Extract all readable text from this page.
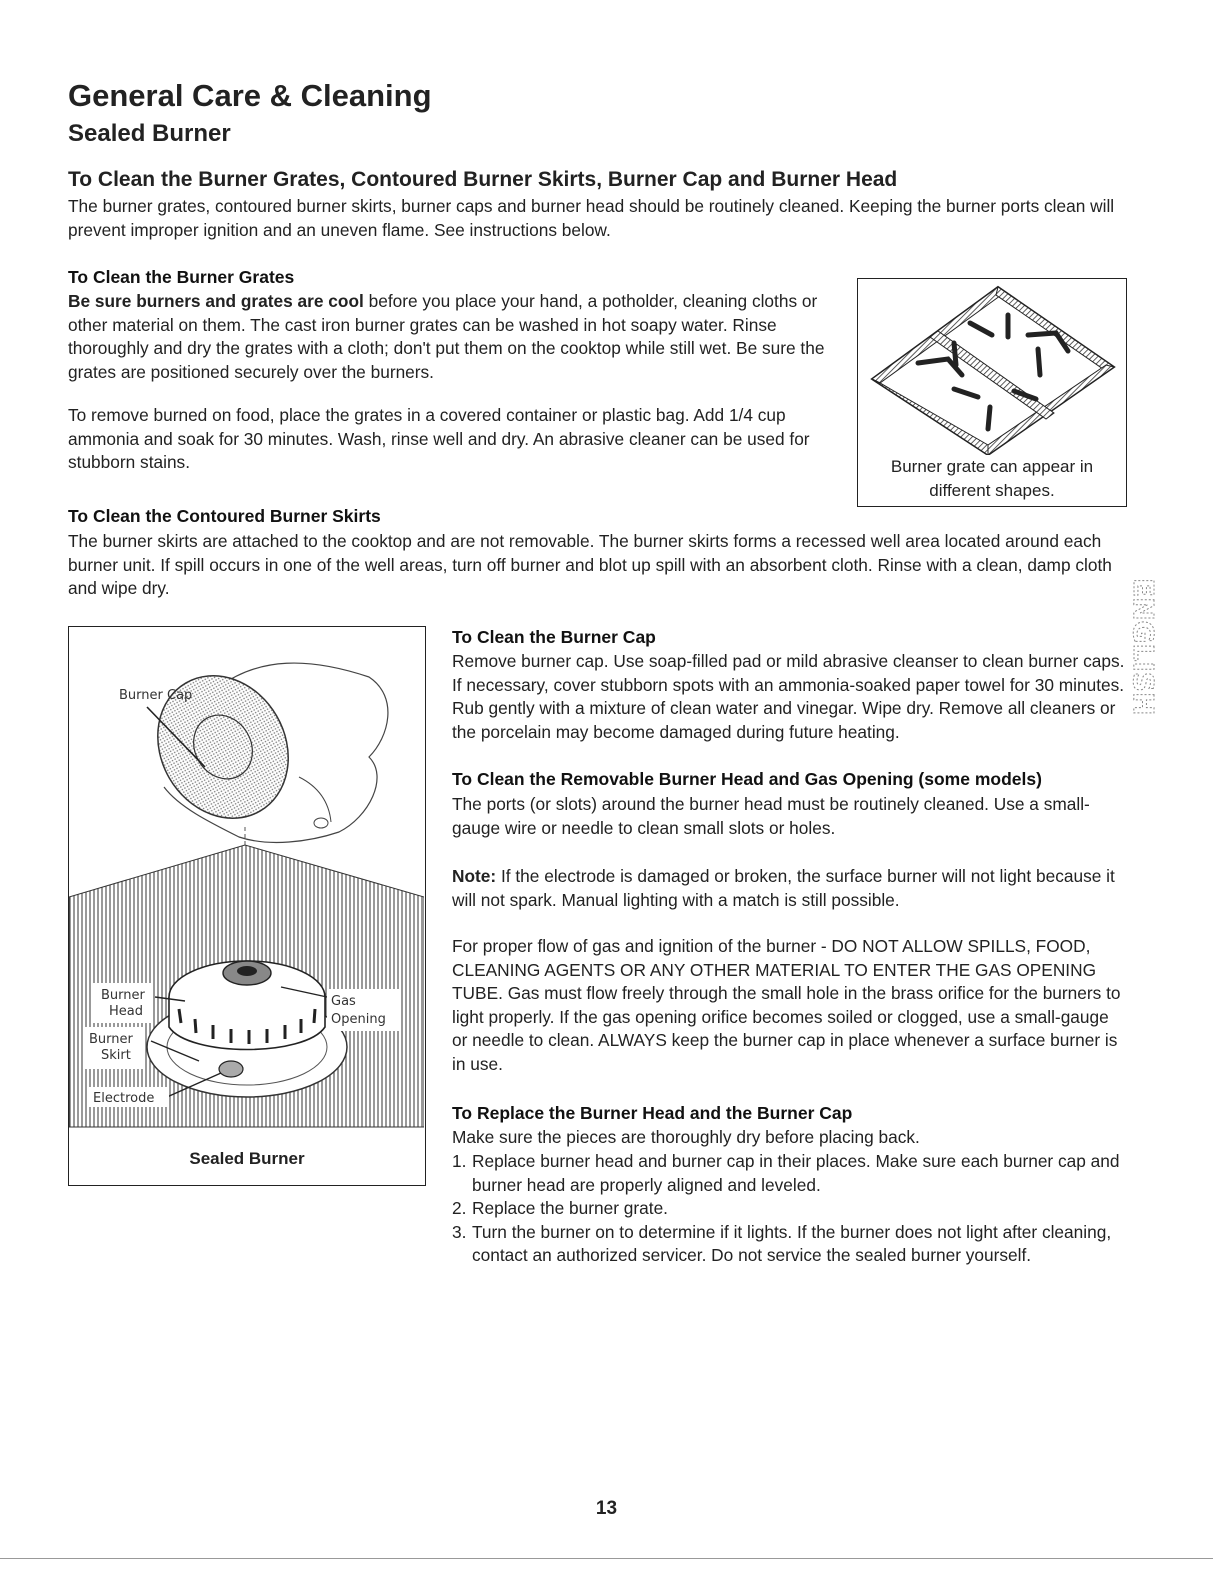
General Care & Cleaning
Sealed Burner
To Clean the Burner Grates, Contoured Burner Skirts, Burner Cap and Burner Head

The burner grates, contoured burner skirts, burner caps and burner head should be routinely cleaned. Keeping the burner ports clean will prevent improper ignition and an uneven flame. See instructions below.

To Clean the Burner Grates

Be sure burners and grates are cool before you place your hand, a potholder, cleaning cloths or other material on them. The cast iron burner grates can be washed in hot soapy water. Rinse thoroughly and dry the grates with a cloth; don't put them on the cooktop while still wet. Be sure the grates are positioned securely over the burners.

To remove burned on food, place the grates in a covered container or plastic bag. Add 1/4 cup ammonia and soak for 30 minutes. Wash, rinse well and dry. An abrasive cleaner can be used for stubborn stains.	Burner grate can appear in different shapes.
To Clean the Contoured Burner Skirts

The burner skirts are attached to the cooktop and are not removable. The burner skirts forms a recessed well area located around each burner unit. If spill occurs in one of the well areas, turn off burner and blot up spill with an absorbent cloth. Rinse with a clean, damp cloth and wipe dry.

Burner Cap
Burner
Head
Burner
Skirt
Gas
Opening
Electrode
Sealed Burner
To Clean the Burner Cap

Remove burner cap. Use soap-filled pad or mild abrasive cleanser to clean burner caps. If necessary, cover stubborn spots with an ammonia-soaked paper towel for 30 minutes. Rub gently with a mixture of clean water and vinegar. Wipe dry. Remove all cleaners or the porcelain may become damaged during future heating.

To Clean the Removable Burner Head and Gas Opening (some models)

The ports (or slots) around the burner head must be routinely cleaned. Use a small-gauge wire or needle to clean small slots or holes.

Note: If the electrode is damaged or broken, the surface burner will not light because it will not spark. Manual lighting with a match is still possible.

For proper flow of gas and ignition of the burner - DO NOT ALLOW SPILLS, FOOD, CLEANING AGENTS OR ANY OTHER MATERIAL TO ENTER THE GAS OPENING TUBE. Gas must flow freely through the small hole in the brass orifice for the burners to light properly. If the gas opening orifice becomes soiled or clogged, use a small-gauge or needle to clean. ALWAYS keep the burner cap in place whenever a surface burner is in use.

To Replace the Burner Head and the Burner Cap

Make sure the pieces are thoroughly dry before placing back.

1. Replace burner head and burner cap in their places. Make sure each burner cap and burner head are properly aligned and leveled.
2. Replace the burner grate.
3. Turn the burner on to determine if it lights. If the burner does not light after cleaning, contact an authorized servicer. Do not service the sealed burner yourself.
ENGLISH
13
